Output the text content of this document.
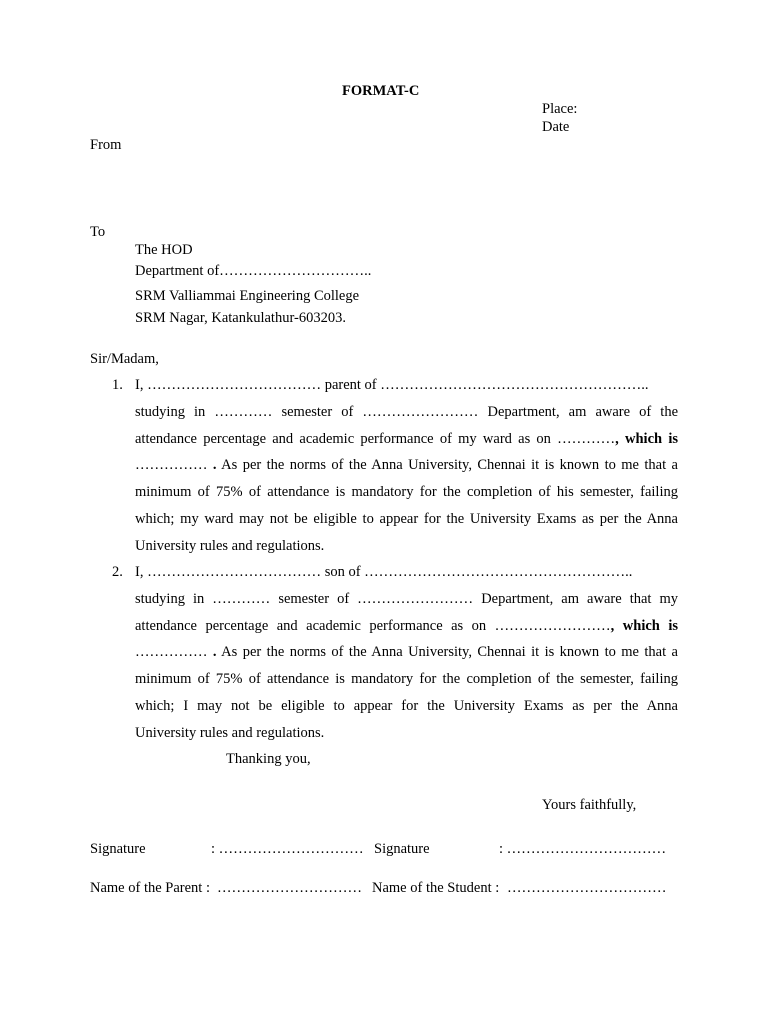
FORMAT-C
Place:
Date
From
To
The HOD
Department of…………………………..
SRM Valliammai Engineering College
SRM Nagar, Katankulathur-603203.
Sir/Madam,
1. I, ……………………………… parent of ………………………………………………..
studying in ………… semester of …………………… Department, am aware of the
attendance percentage and academic performance of my ward as on …………, which is
…………… . As per the norms of the Anna University, Chennai it is known to me that a
minimum of 75% of attendance is mandatory for the completion of his semester, failing
which; my ward may not be eligible to appear for the University Exams as per the Anna
University rules and regulations.
2. I, ……………………………… son of ………………………………………………..
studying in ………… semester of …………………… Department, am aware that my
attendance percentage and academic performance as on ……………………, which is
…………… . As per the norms of the Anna University, Chennai it is known to me that a
minimum of 75% of attendance is mandatory for the completion of the semester, failing
which; I may not be eligible to appear for the University Exams as per the Anna
University rules and regulations.
Thanking you,
Yours faithfully,
Signature	: ………………………… Signature	: ……………………………
Name of the Parent : ………………………… Name of the Student : ……………………………
